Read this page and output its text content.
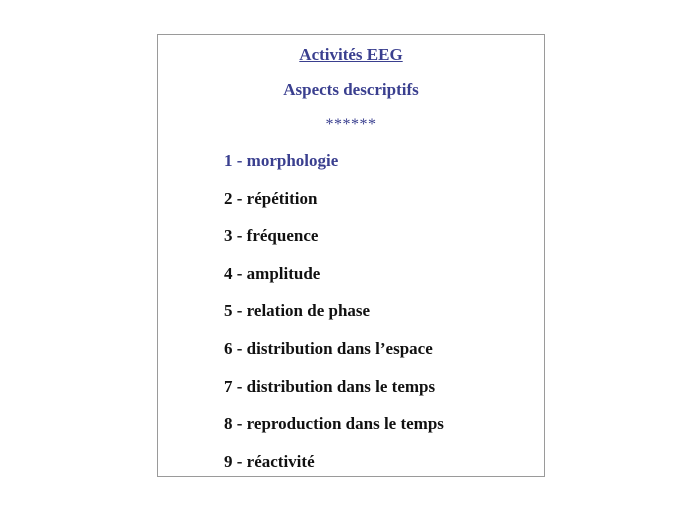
Activités EEG
Aspects descriptifs
******
1 - morphologie
2 - répétition
3 - fréquence
4 - amplitude
5 - relation de phase
6 - distribution dans l’espace
7 - distribution dans le temps
8 - reproduction dans le temps
9 - réactivité
